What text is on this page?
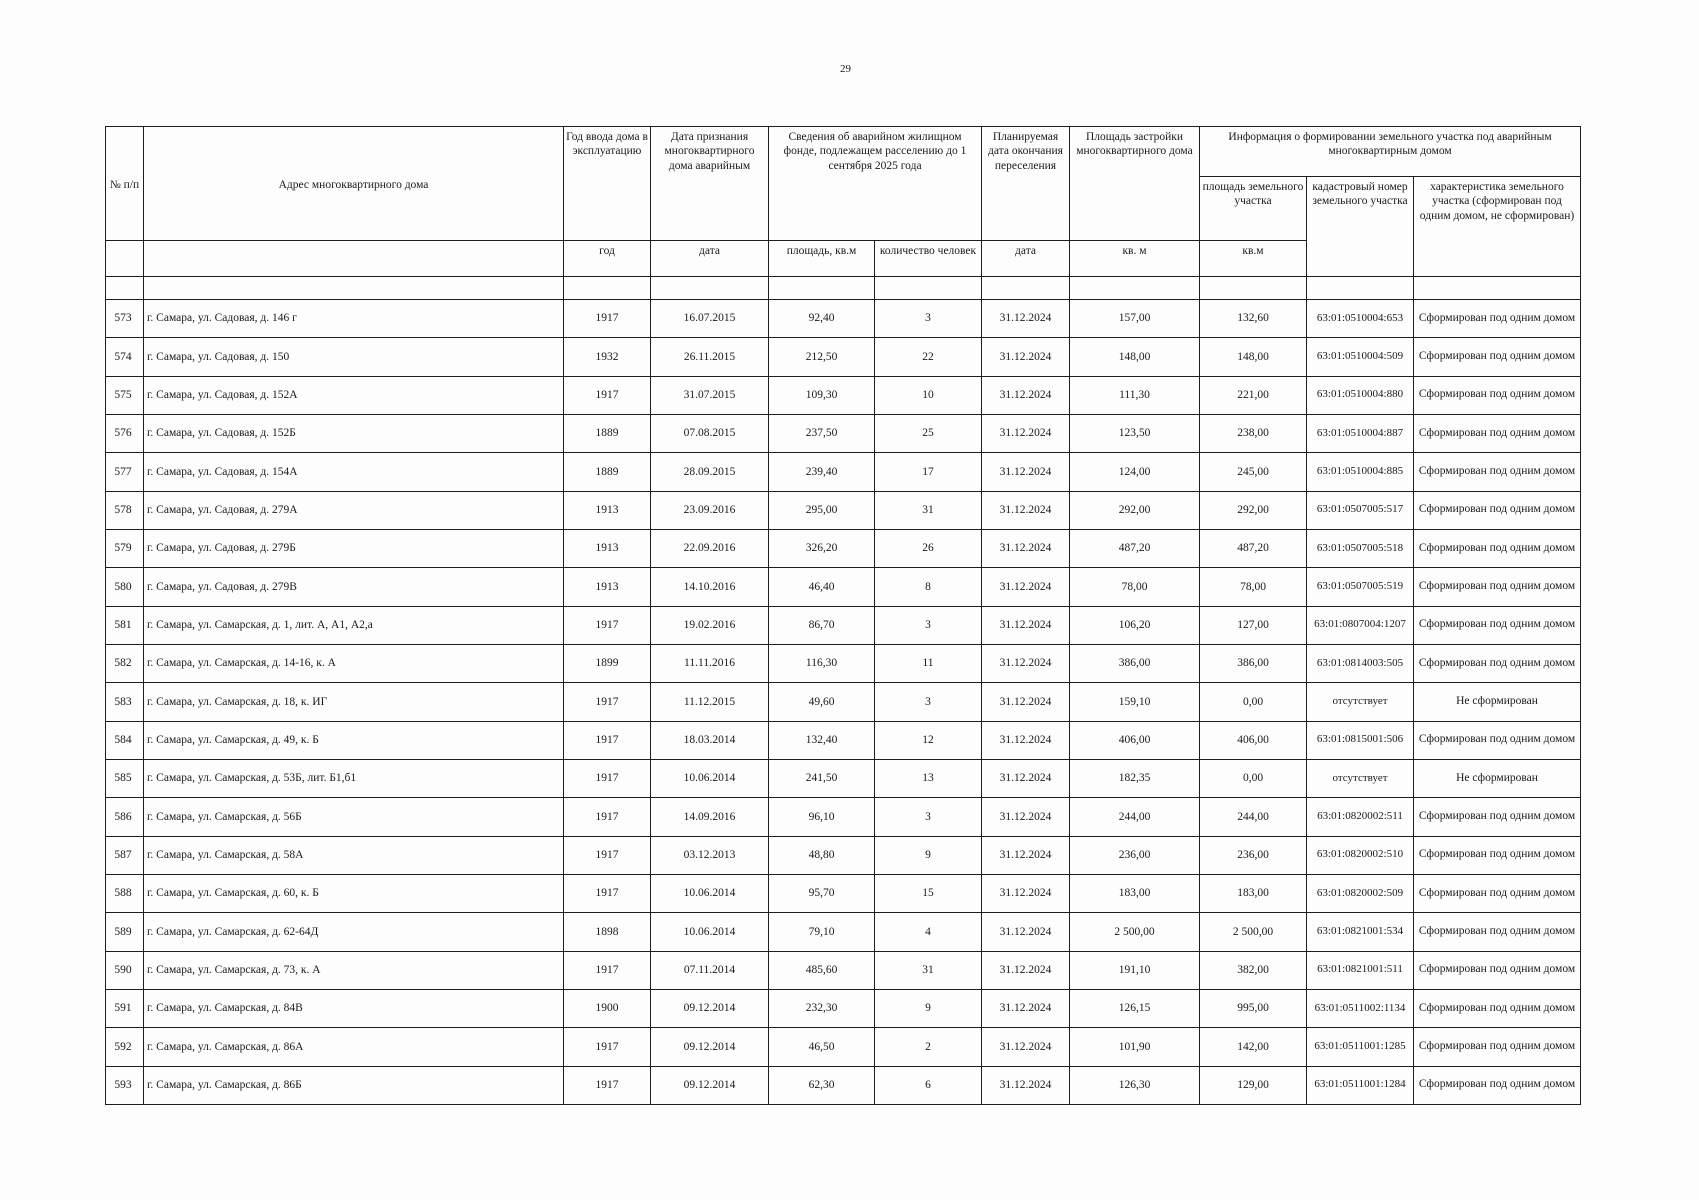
29
№ п/п	Адрес многоквартирного дома	Год ввода дома в эксплуатацию	Дата признания многоквартирного дома аварийным	Сведения об аварийном жилищном фонде, подлежащем расселению до 1 сентября 2025 года		Планируемая дата окончания переселения	Площадь застройки многоквартирного дома	Информация о формировании земельного участка под аварийным многоквартирным домом		
								площадь земельного участка	кадастровый номер земельного участка	характеристика земельного участка (сформирован под одним домом, не сформирован)
		год	дата	площадь, кв.м	количество человек	дата	кв. м	кв.м		

573	г. Самара, ул. Садовая, д. 146 г	1917	16.07.2015	92,40	3	31.12.2024	157,00	132,60	63:01:0510004:653	Сформирован под одним домом
574	г. Самара, ул. Садовая, д. 150	1932	26.11.2015	212,50	22	31.12.2024	148,00	148,00	63:01:0510004:509	Сформирован под одним домом
575	г. Самара, ул. Садовая, д. 152А	1917	31.07.2015	109,30	10	31.12.2024	111,30	221,00	63:01:0510004:880	Сформирован под одним домом
576	г. Самара, ул. Садовая, д. 152Б	1889	07.08.2015	237,50	25	31.12.2024	123,50	238,00	63:01:0510004:887	Сформирован под одним домом
577	г. Самара, ул. Садовая, д. 154А	1889	28.09.2015	239,40	17	31.12.2024	124,00	245,00	63:01:0510004:885	Сформирован под одним домом
578	г. Самара, ул. Садовая, д. 279А	1913	23.09.2016	295,00	31	31.12.2024	292,00	292,00	63:01:0507005:517	Сформирован под одним домом
579	г. Самара, ул. Садовая, д. 279Б	1913	22.09.2016	326,20	26	31.12.2024	487,20	487,20	63:01:0507005:518	Сформирован под одним домом
580	г. Самара, ул. Садовая, д. 279В	1913	14.10.2016	46,40	8	31.12.2024	78,00	78,00	63:01:0507005:519	Сформирован под одним домом
581	г. Самара, ул. Самарская, д. 1, лит. А, А1, А2,а	1917	19.02.2016	86,70	3	31.12.2024	106,20	127,00	63:01:0807004:1207	Сформирован под одним домом
582	г. Самара, ул. Самарская, д. 14-16, к. А	1899	11.11.2016	116,30	11	31.12.2024	386,00	386,00	63:01:0814003:505	Сформирован под одним домом
583	г. Самара, ул. Самарская, д. 18, к. ИГ	1917	11.12.2015	49,60	3	31.12.2024	159,10	0,00	отсутствует	Не сформирован
584	г. Самара, ул. Самарская, д. 49, к. Б	1917	18.03.2014	132,40	12	31.12.2024	406,00	406,00	63:01:0815001:506	Сформирован под одним домом
585	г. Самара, ул. Самарская, д. 53Б, лит. Б1,б1	1917	10.06.2014	241,50	13	31.12.2024	182,35	0,00	отсутствует	Не сформирован
586	г. Самара, ул. Самарская, д. 56Б	1917	14.09.2016	96,10	3	31.12.2024	244,00	244,00	63:01:0820002:511	Сформирован под одним домом
587	г. Самара, ул. Самарская, д. 58А	1917	03.12.2013	48,80	9	31.12.2024	236,00	236,00	63:01:0820002:510	Сформирован под одним домом
588	г. Самара, ул. Самарская, д. 60, к. Б	1917	10.06.2014	95,70	15	31.12.2024	183,00	183,00	63:01:0820002:509	Сформирован под одним домом
589	г. Самара, ул. Самарская, д. 62-64Д	1898	10.06.2014	79,10	4	31.12.2024	2 500,00	2 500,00	63:01:0821001:534	Сформирован под одним домом
590	г. Самара, ул. Самарская, д. 73, к. А	1917	07.11.2014	485,60	31	31.12.2024	191,10	382,00	63:01:0821001:511	Сформирован под одним домом
591	г. Самара, ул. Самарская, д. 84В	1900	09.12.2014	232,30	9	31.12.2024	126,15	995,00	63:01:0511002:1134	Сформирован под одним домом
592	г. Самара, ул. Самарская, д. 86А	1917	09.12.2014	46,50	2	31.12.2024	101,90	142,00	63:01:0511001:1285	Сформирован под одним домом
593	г. Самара, ул. Самарская, д. 86Б	1917	09.12.2014	62,30	6	31.12.2024	126,30	129,00	63:01:0511001:1284	Сформирован под одним домом
